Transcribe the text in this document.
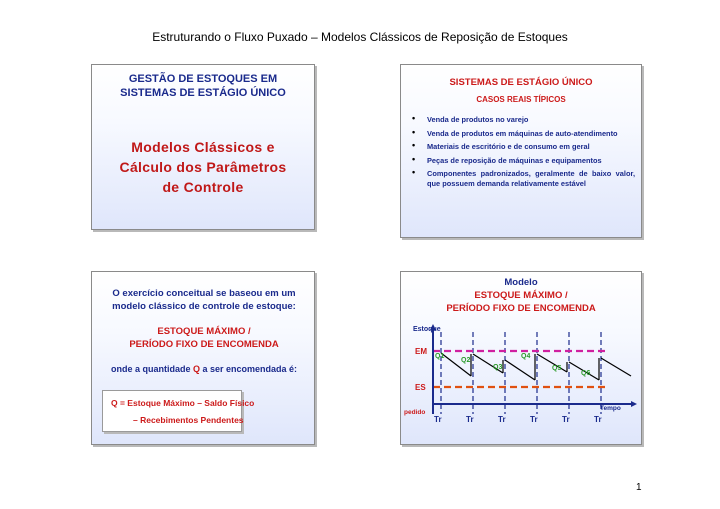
Estruturando o Fluxo Puxado – Modelos Clássicos de Reposição de Estoques
GESTÃO DE ESTOQUES EM
SISTEMAS DE ESTÁGIO ÚNICO
Modelos Clássicos e
Cálculo dos Parâmetros
de Controle
SISTEMAS DE ESTÁGIO ÚNICO
CASOS REAIS TÍPICOS
• Venda de produtos no varejo
• Venda de produtos em máquinas de auto-atendimento
• Materiais de escritório e de consumo em geral
• Peças de reposição de máquinas e equipamentos
• Componentes padronizados, geralmente de baixo valor, que possuem demanda relativamente estável
O exercício conceitual se baseou em um
modelo clássico de controle de estoque:
ESTOQUE MÁXIMO /
PERÍODO FIXO DE ENCOMENDA
onde a quantidade Q a ser encomendada é:
Q = Estoque Máximo – Saldo Físico
– Recebimentos Pendentes
Modelo
ESTOQUE MÁXIMO /
PERÍODO FIXO DE ENCOMENDA
Q1
Q2
Q3
Q4
Q5
Q6
EM
ES
Estoque
Tempo
pedido
Tr	Tr	Tr	Tr	Tr	Tr
1
